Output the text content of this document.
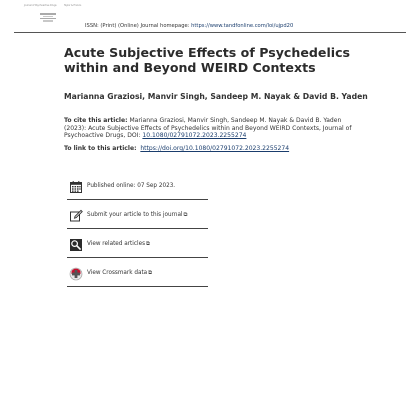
Journal of Psychoactive Drugs	Taylor & Francis
ISSN: (Print) (Online) Journal homepage: https://www.tandfonline.com/loi/ujpd20
Acute Subjective Effects of Psychedelics within and Beyond WEIRD Contexts
Marianna Graziosi, Manvir Singh, Sandeep M. Nayak & David B. Yaden
To cite this article: Marianna Graziosi, Manvir Singh, Sandeep M. Nayak & David B. Yaden (2023): Acute Subjective Effects of Psychedelics within and Beyond WEIRD Contexts, Journal of Psychoactive Drugs, DOI: 10.1080/02791072.2023.2255274
To link to this article: https://doi.org/10.1080/02791072.2023.2255274
Published online: 07 Sep 2023.
Submit your article to this journal⧉
View related articles⧉
View Crossmark data⧉
